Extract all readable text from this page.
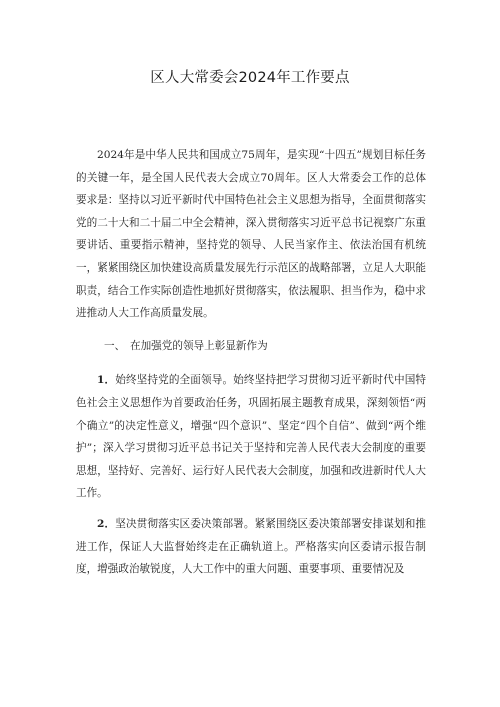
区人大常委会2024年工作要点

2024年是中华人民共和国成立75周年，是实现“十四五”规划目标任务的关键一年，是全国人民代表大会成立70周年。区人大常委会工作的总体要求是：坚持以习近平新时代中国特色社会主义思想为指导，全面贯彻落实党的二十大和二十届二中全会精神，深入贯彻落实习近平总书记视察广东重要讲话、重要指示精神，坚持党的领导、人民当家作主、依法治国有机统一，紧紧围绕区加快建设高质量发展先行示范区的战略部署，立足人大职能职责，结合工作实际创造性地抓好贯彻落实，依法履职、担当作为，稳中求进推动人大工作高质量发展。

一、 在加强党的领导上彰显新作为

1．始终坚持党的全面领导。始终坚持把学习贯彻习近平新时代中国特色社会主义思想作为首要政治任务，巩固拓展主题教育成果，深刻领悟“两个确立”的决定性意义，增强“四个意识”、坚定“四个自信”、做到“两个维护”；深入学习贯彻习近平总书记关于坚持和完善人民代表大会制度的重要思想，坚持好、完善好、运行好人民代表大会制度，加强和改进新时代人大工作。

2．坚决贯彻落实区委决策部署。紧紧围绕区委决策部署安排谋划和推进工作，保证人大监督始终走在正确轨道上。严格落实向区委请示报告制度，增强政治敏锐度，人大工作中的重大问题、重要事项、重要情况及
